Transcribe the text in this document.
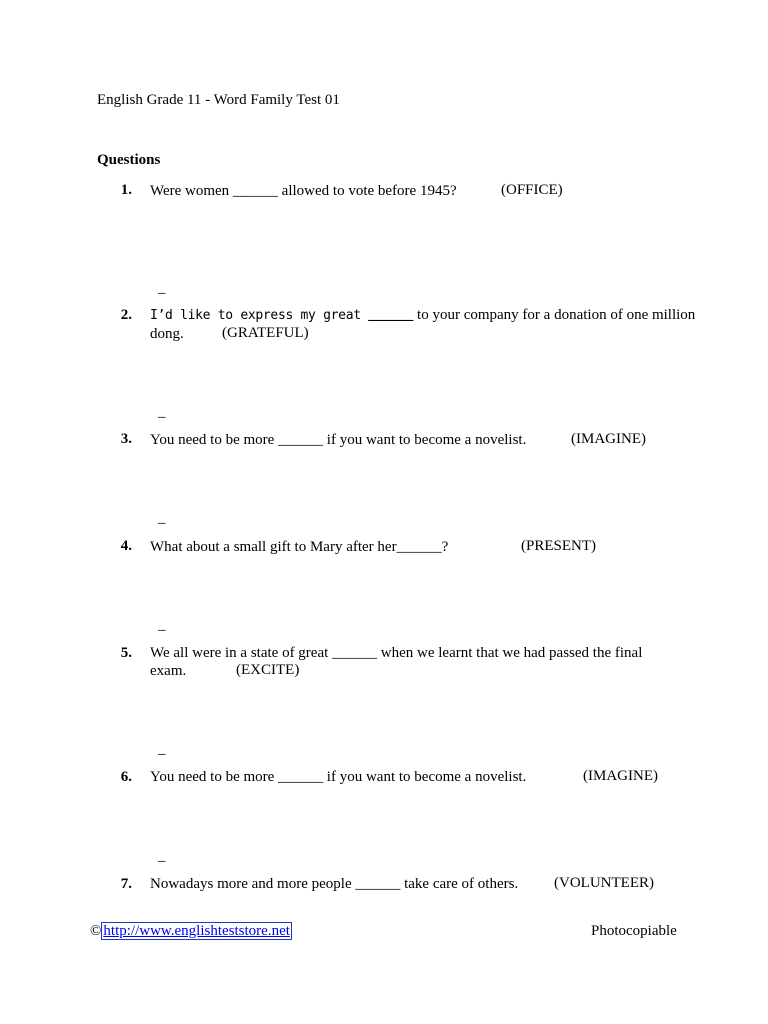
English Grade 11 - Word Family Test 01
Questions
1. Were women ______ allowed to vote before 1945?	(OFFICE)
_
2. I’d like to express my great ______ to your company for a donation of one million
dong.	(GRATEFUL)
_
3. You need to be more ______ if you want to become a novelist.	(IMAGINE)
_
4. What about a small gift to Mary after her______?	(PRESENT)
_
5. We all were in a state of great ______ when we learnt that we had passed the final
exam.	(EXCITE)
_
6. You need to be more ______ if you want to become a novelist.	(IMAGINE)
_
7. Nowadays more and more people ______ take care of others. (VOLUNTEER)
© http://www.englishteststore.net	Photocopiable
